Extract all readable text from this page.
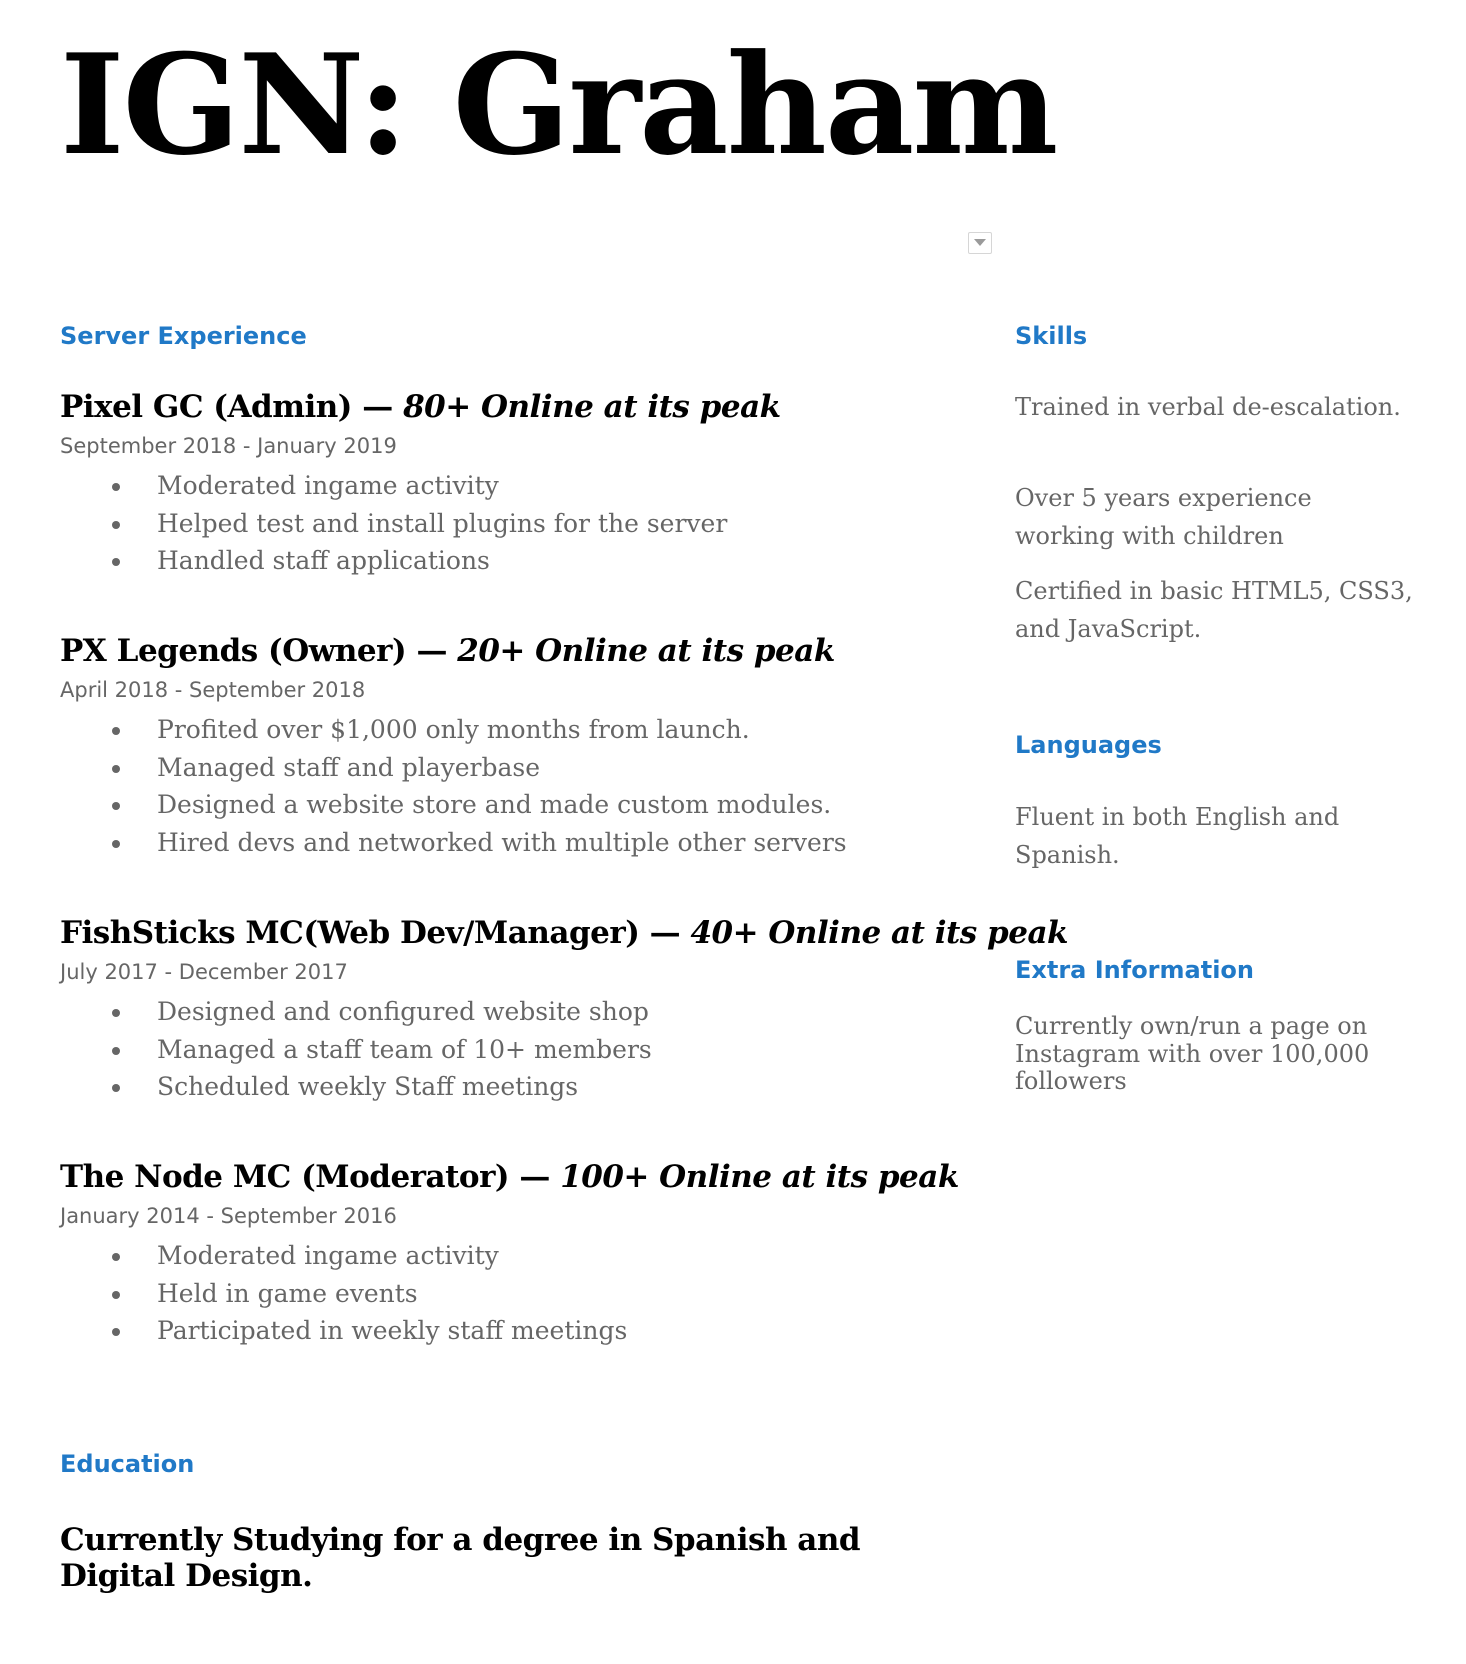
IGN: Graham
Server Experience
Pixel GC (Admin) — 80+ Online at its peak
September 2018 - January 2019
Moderated ingame activity
Helped test and install plugins for the server
Handled staff applications
PX Legends (Owner) — 20+ Online at its peak
April 2018 - September 2018
Profited over $1,000 only months from launch.
Managed staff and playerbase
Designed a website store and made custom modules.
Hired devs and networked with multiple other servers
FishSticks MC(Web Dev/Manager) — 40+ Online at its peak
July 2017 - December 2017
Designed and configured website shop
Managed a staff team of 10+ members
Scheduled weekly Staff meetings
The Node MC (Moderator) — 100+ Online at its peak
January 2014 - September 2016
Moderated ingame activity
Held in game events
Participated in weekly staff meetings
Education
Currently Studying for a degree in Spanish and Digital Design.
Skills

Trained in verbal de-escalation.

Over 5 years experience working with children

Certified in basic HTML5, CSS3, and JavaScript.

Languages

Fluent in both English and Spanish.

Extra Information

Currently own/run a page on Instagram with over 100,000 followers
